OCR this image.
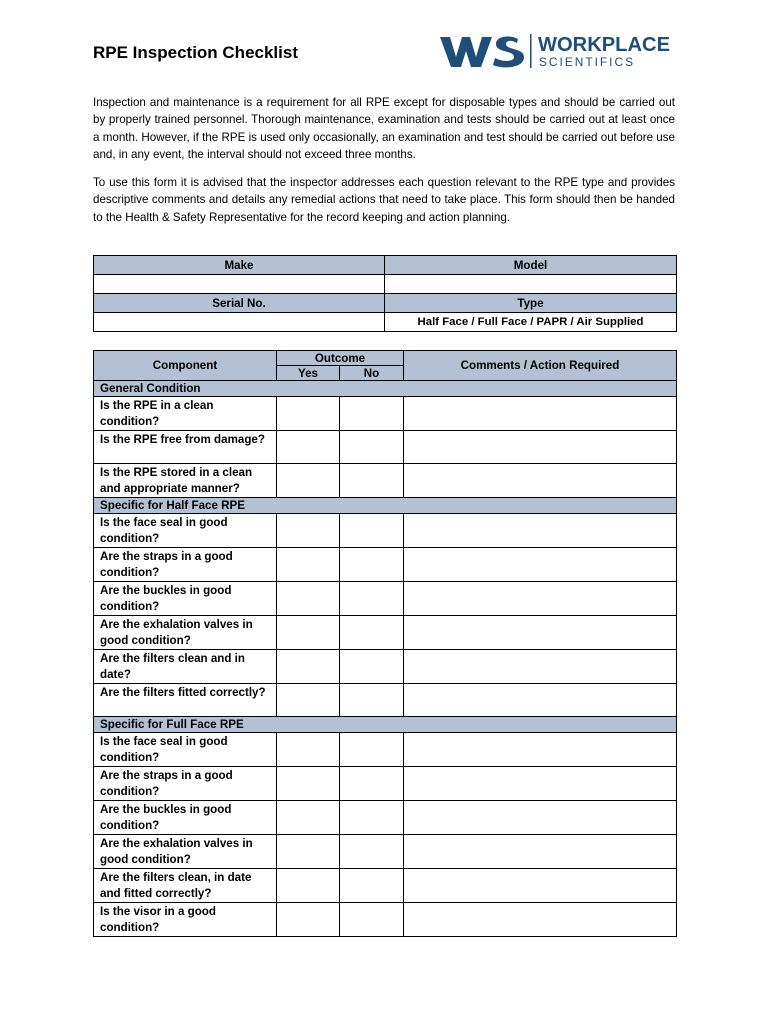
RPE Inspection Checklist	WORKPLACE
SCIENTIFICS
Inspection and maintenance is a requirement for all RPE except for disposable types and should be carried out by properly trained personnel. Thorough maintenance, examination and tests should be carried out at least once a month. However, if the RPE is used only occasionally, an examination and test should be carried out before use and, in any event, the interval should not exceed three months.
To use this form it is advised that the inspector addresses each question relevant to the RPE type and provides descriptive comments and details any remedial actions that need to take place. This form should then be handed to the Health & Safety Representative for the record keeping and action planning.
Make	Model

Serial No.	Type
	Half Face / Full Face / PAPR / Air Supplied
Component	Outcome		Comments / Action Required
	Yes	No	
General Condition			
Is the RPE in a clean condition?			
Is the RPE free from damage?			
Is the RPE stored in a clean and appropriate manner?			
Specific for Half Face RPE			
Is the face seal in good condition?			
Are the straps in a good condition?			
Are the buckles in good condition?			
Are the exhalation valves in good condition?			
Are the filters clean and in date?			
Are the filters fitted correctly?			
Specific for Full Face RPE			
Is the face seal in good condition?			
Are the straps in a good condition?			
Are the buckles in good condition?			
Are the exhalation valves in good condition?			
Are the filters clean, in date and fitted correctly?			
Is the visor in a good condition?			
